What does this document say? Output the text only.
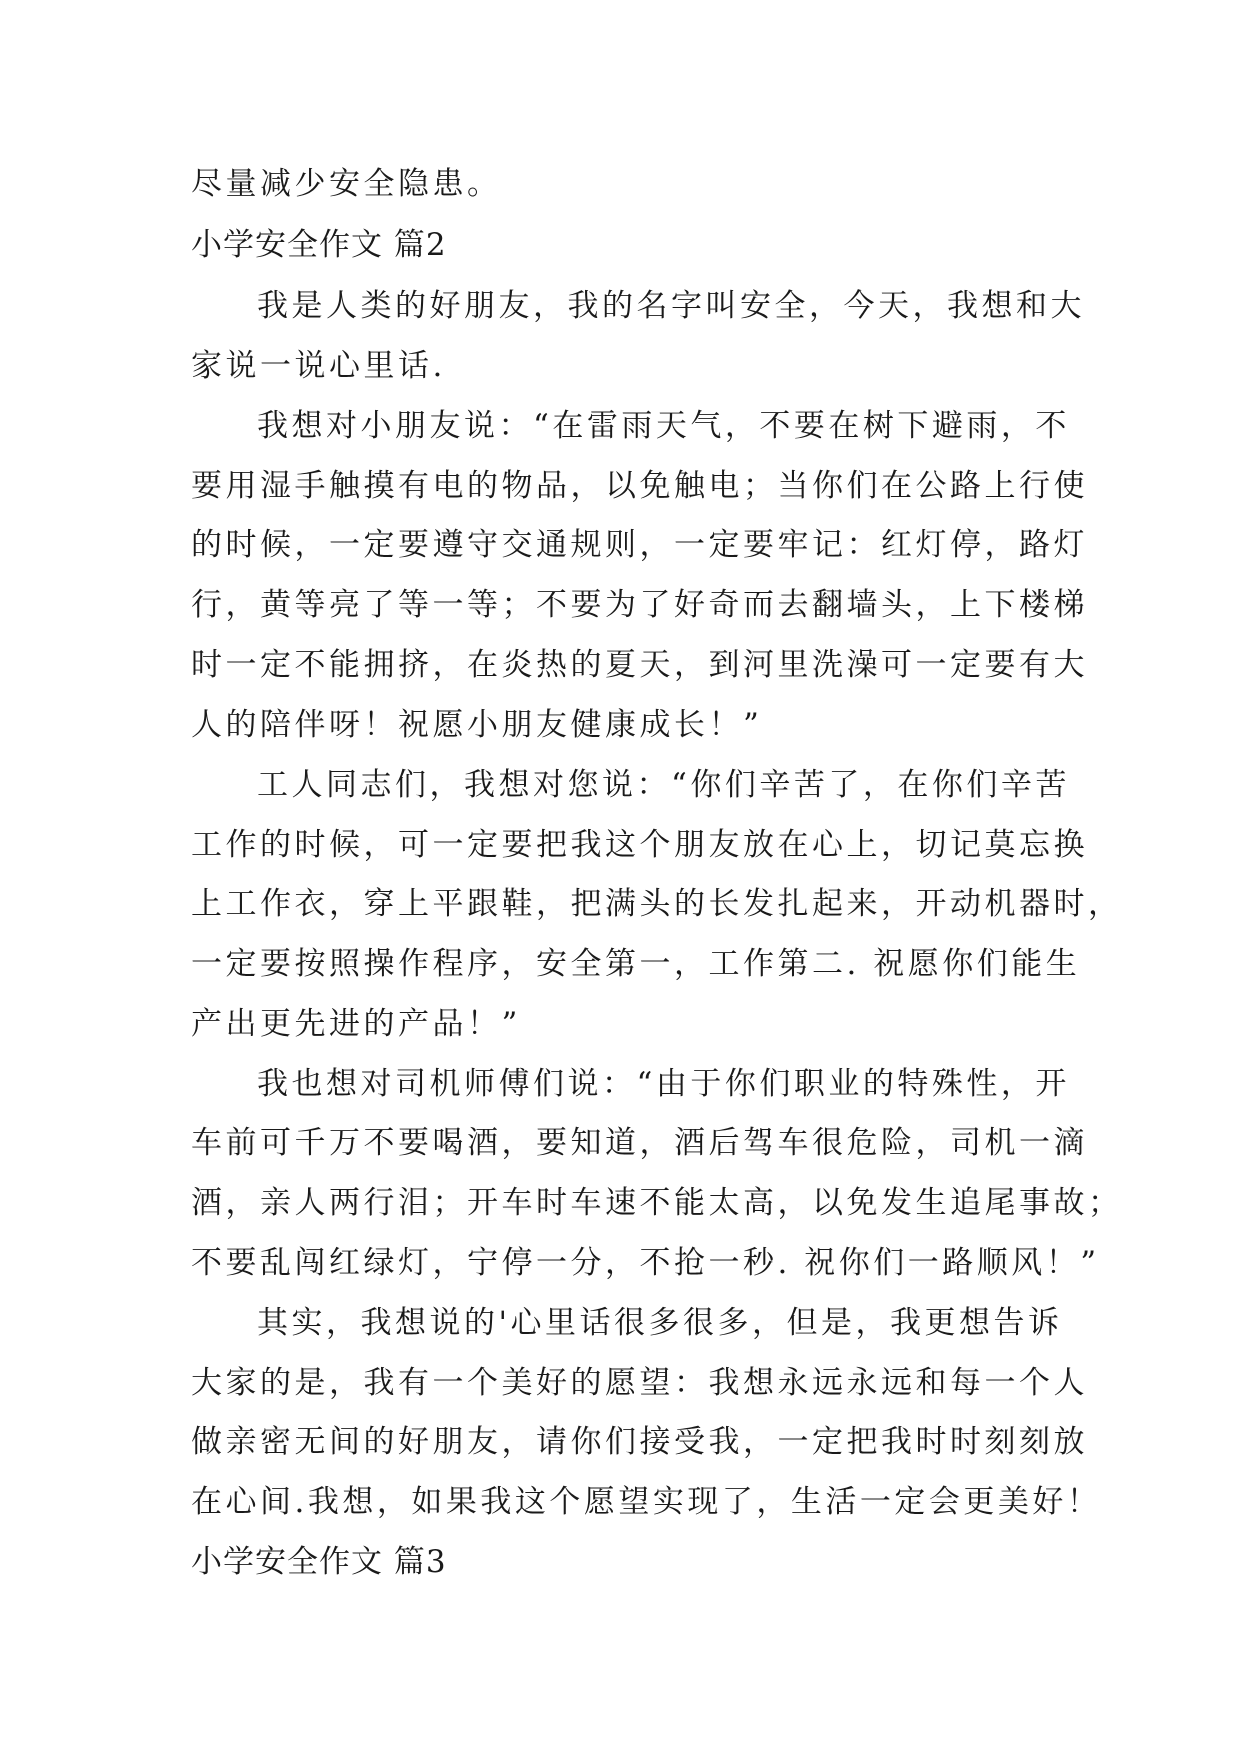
尽量减少安全隐患。
小学安全作文 篇2
我是人类的好朋友，我的名字叫安全，今天，我想和大
家说一说心里话.
我想对小朋友说：“在雷雨天气，不要在树下避雨，不
要用湿手触摸有电的物品，以免触电；当你们在公路上行使
的时候，一定要遵守交通规则，一定要牢记：红灯停，路灯
行，黄等亮了等一等；不要为了好奇而去翻墙头，上下楼梯
时一定不能拥挤，在炎热的夏天，到河里洗澡可一定要有大
人的陪伴呀！祝愿小朋友健康成长！”
工人同志们，我想对您说：“你们辛苦了，在你们辛苦
工作的时候，可一定要把我这个朋友放在心上，切记莫忘换
上工作衣，穿上平跟鞋，把满头的长发扎起来，开动机器时，
一定要按照操作程序，安全第一，工作第二. 祝愿你们能生
产出更先进的产品！”
我也想对司机师傅们说：“由于你们职业的特殊性，开
车前可千万不要喝酒，要知道，酒后驾车很危险，司机一滴
酒，亲人两行泪；开车时车速不能太高，以免发生追尾事故；
不要乱闯红绿灯，宁停一分，不抢一秒. 祝你们一路顺风！”
其实，我想说的'心里话很多很多，但是，我更想告诉
大家的是，我有一个美好的愿望：我想永远永远和每一个人
做亲密无间的好朋友，请你们接受我，一定把我时时刻刻放
在心间.我想，如果我这个愿望实现了，生活一定会更美好！
小学安全作文 篇3
